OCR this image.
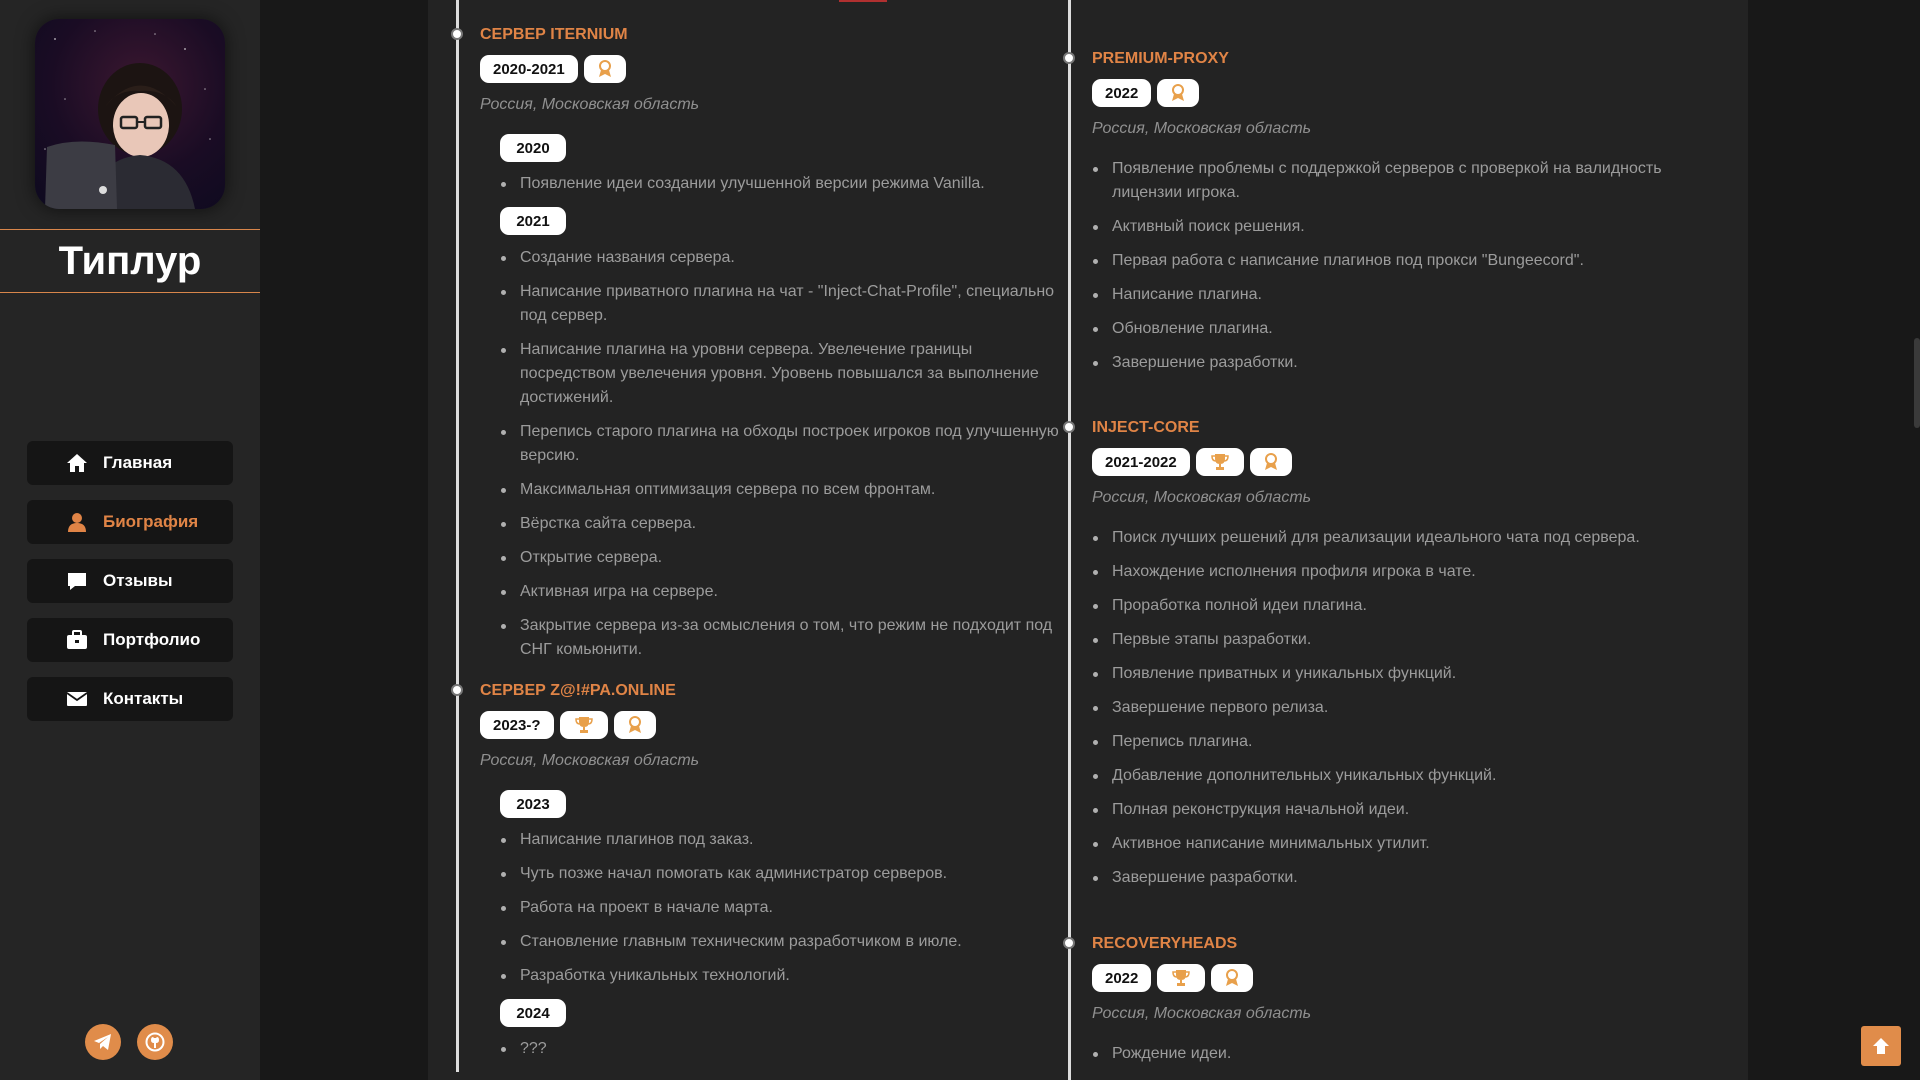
Типлур
Главная
Биография
Отзывы
Портфолио
Контакты
СЕРВЕР ITERNIUM
2020-2021
Россия, Московская область
2020
Появление идеи создании улучшенной версии режима Vanilla.
2021
Создание названия сервера.
Написание приватного плагина на чат - "Inject-Chat-Profile", специально под сервер.
Написание плагина на уровни сервера. Увелечение границы посредством увелечения уровня. Уровень повышался за выполнение достижений.
Перепись старого плагина на обходы построек игроков под улучшенную версию.
Максимальная оптимизация сервера по всем фронтам.
Вёрстка сайта сервера.
Открытие сервера.
Активная игра на сервере.
Закрытие сервера из-за осмысления о том, что режим не подходит под СНГ комьюнити.
СЕРВЕР Z@!#PA.ONLINE
2023-?
Россия, Московская область
2023
Написание плагинов под заказ.
Чуть позже начал помогать как администратор серверов.
Работа на проект в начале марта.
Становление главным техническим разработчиком в июле.
Разработка уникальных технологий.
2024
???
PREMIUM-PROXY
2022
Россия, Московская область
Появление проблемы с поддержкой серверов с проверкой на валидность лицензии игрока.
Активный поиск решения.
Первая работа с написание плагинов под прокси "Bungeecord".
Написание плагина.
Обновление плагина.
Завершение разработки.
INJECT-CORE
2021-2022
Россия, Московская область
Поиск лучших решений для реализации идеального чата под сервера.
Нахождение исполнения профиля игрока в чате.
Проработка полной идеи плагина.
Первые этапы разработки.
Появление приватных и уникальных функций.
Завершение первого релиза.
Перепись плагина.
Добавление дополнительных уникальных функций.
Полная реконструкция начальной идеи.
Активное написание минимальных утилит.
Завершение разработки.
RECOVERYHEADS
2022
Россия, Московская область
Рождение идеи.
